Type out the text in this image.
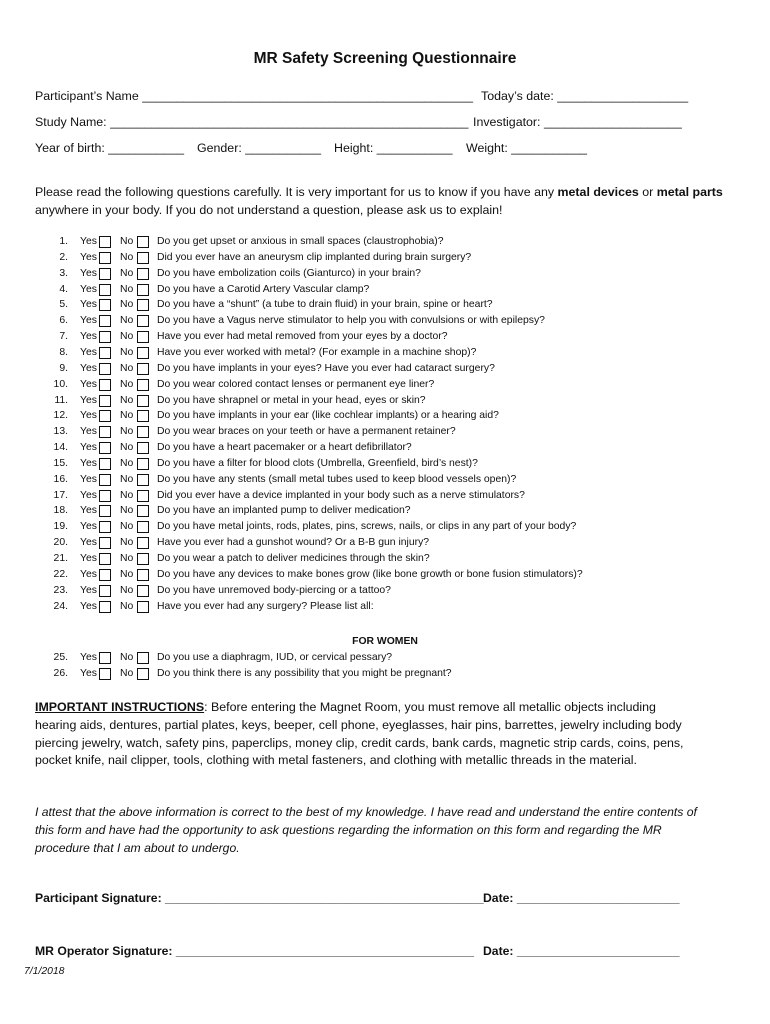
MR Safety Screening Questionnaire
Participant’s Name ________________________________________________ Today’s date: ___________________
Study Name: ____________________________________________________ Investigator: ____________________
Year of birth: ___________ Gender: ___________ Height: ___________ Weight: ___________
Please read the following questions carefully. It is very important for us to know if you have any metal devices or metal parts anywhere in your body. If you do not understand a question, please ask us to explain!
1. Yes No Do you get upset or anxious in small spaces (claustrophobia)?
2. Yes No Did you ever have an aneurysm clip implanted during brain surgery?
3. Yes No Do you have embolization coils (Gianturco) in your brain?
4. Yes No Do you have a Carotid Artery Vascular clamp?
5. Yes No Do you have a “shunt” (a tube to drain fluid) in your brain, spine or heart?
6. Yes No Do you have a Vagus nerve stimulator to help you with convulsions or with epilepsy?
7. Yes No Have you ever had metal removed from your eyes by a doctor?
8. Yes No Have you ever worked with metal? (For example in a machine shop)?
9. Yes No Do you have implants in your eyes? Have you ever had cataract surgery?
10. Yes No Do you wear colored contact lenses or permanent eye liner?
11. Yes No Do you have shrapnel or metal in your head, eyes or skin?
12. Yes No Do you have implants in your ear (like cochlear implants) or a hearing aid?
13. Yes No Do you wear braces on your teeth or have a permanent retainer?
14. Yes No Do you have a heart pacemaker or a heart defibrillator?
15. Yes No Do you have a filter for blood clots (Umbrella, Greenfield, bird’s nest)?
16. Yes No Do you have any stents (small metal tubes used to keep blood vessels open)?
17. Yes No Did you ever have a device implanted in your body such as a nerve stimulators?
18. Yes No Do you have an implanted pump to deliver medication?
19. Yes No Do you have metal joints, rods, plates, pins, screws, nails, or clips in any part of your body?
20. Yes No Have you ever had a gunshot wound? Or a B-B gun injury?
21. Yes No Do you wear a patch to deliver medicines through the skin?
22. Yes No Do you have any devices to make bones grow (like bone growth or bone fusion stimulators)?
23. Yes No Do you have unremoved body-piercing or a tattoo?
24. Yes No Have you ever had any surgery? Please list all:
FOR WOMEN
25. Yes No Do you use a diaphragm, IUD, or cervical pessary?
26. Yes No Do you think there is any possibility that you might be pregnant?
IMPORTANT INSTRUCTIONS: Before entering the Magnet Room, you must remove all metallic objects including hearing aids, dentures, partial plates, keys, beeper, cell phone, eyeglasses, hair pins, barrettes, jewelry including body piercing jewelry, watch, safety pins, paperclips, money clip, credit cards, bank cards, magnetic strip cards, coins, pens, pocket knife, nail clipper, tools, clothing with metal fasteners, and clothing with metallic threads in the material.
I attest that the above information is correct to the best of my knowledge. I have read and understand the entire contents of this form and have had the opportunity to ask questions regarding the information on this form and regarding the MR procedure that I am about to undergo.
Participant Signature: _______________________________________________ Date: ________________________
MR Operator Signature: ____________________________________________ Date: ________________________
7/1/2018
